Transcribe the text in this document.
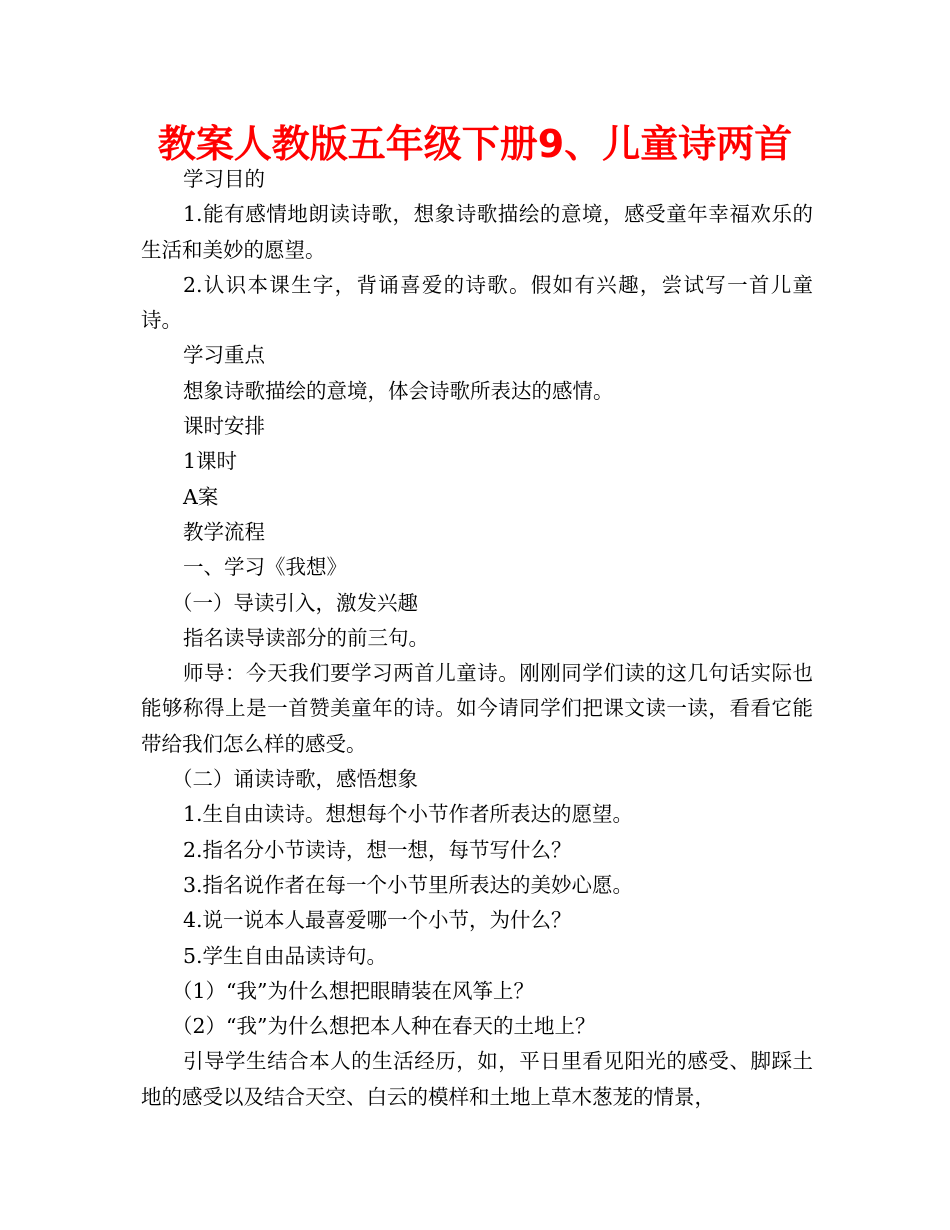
教案人教版五年级下册9、儿童诗两首

学习目的

1.能有感情地朗读诗歌，想象诗歌描绘的意境，感受童年幸福欢乐的生活和美妙的愿望。

2.认识本课生字，背诵喜爱的诗歌。假如有兴趣，尝试写一首儿童诗。

学习重点

想象诗歌描绘的意境，体会诗歌所表达的感情。

课时安排

1课时

A案

教学流程

一、学习《我想》

（一）导读引入，激发兴趣

指名读导读部分的前三句。

师导：今天我们要学习两首儿童诗。刚刚同学们读的这几句话实际也能够称得上是一首赞美童年的诗。如今请同学们把课文读一读，看看它能带给我们怎么样的感受。

（二）诵读诗歌，感悟想象

1.生自由读诗。想想每个小节作者所表达的愿望。

2.指名分小节读诗，想一想，每节写什么？

3.指名说作者在每一个小节里所表达的美妙心愿。

4.说一说本人最喜爱哪一个小节，为什么？

5.学生自由品读诗句。

（1）“我”为什么想把眼睛装在风筝上？

（2）“我”为什么想把本人种在春天的土地上？

引导学生结合本人的生活经历，如，平日里看见阳光的感受、脚踩土地的感受以及结合天空、白云的模样和土地上草木葱茏的情景，
